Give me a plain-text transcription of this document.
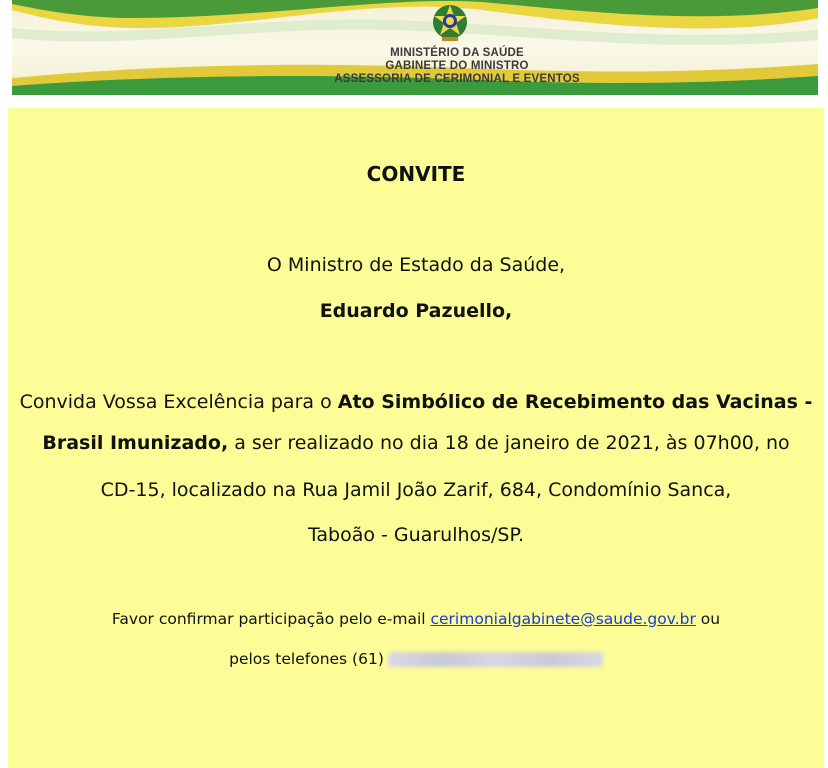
MINISTÉRIO DA SAÚDE
GABINETE DO MINISTRO
ASSESSORIA DE CERIMONIAL E EVENTOS
CONVITE
O Ministro de Estado da Saúde,
Eduardo Pazuello,
Convida Vossa Excelência para o Ato Simbólico de Recebimento das Vacinas -
Brasil Imunizado, a ser realizado no dia 18 de janeiro de 2021, às 07h00, no
CD-15, localizado na Rua Jamil João Zarif, 684, Condomínio Sanca,
Taboão - Guarulhos/SP.
Favor confirmar participação pelo e-mail cerimonialgabinete@saude.gov.br ou
pelos telefones (61)
